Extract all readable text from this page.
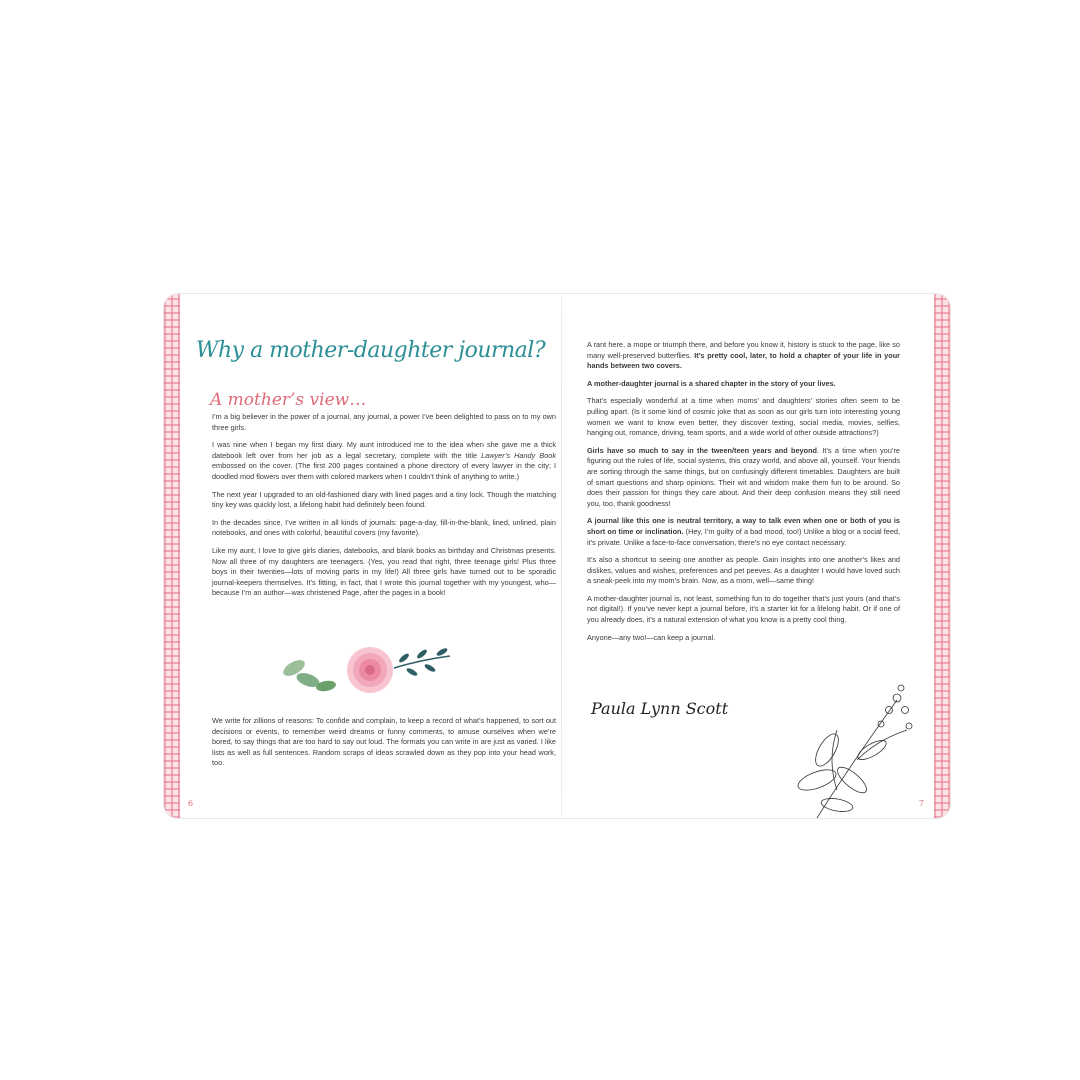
Why a mother-daughter journal?
A mother’s view…

I’m a big believer in the power of a journal, any journal, a power I’ve been delighted to pass on to my own three girls.

I was nine when I began my first diary. My aunt introduced me to the idea when she gave me a thick datebook left over from her job as a legal secretary, complete with the title Lawyer’s Handy Book embossed on the cover. (The first 200 pages contained a phone directory of every lawyer in the city; I doodled mod flowers over them with colored markers when I couldn’t think of anything to write.)

The next year I upgraded to an old-fashioned diary with lined pages and a tiny lock. Though the matching tiny key was quickly lost, a lifelong habit had definitely been found.

In the decades since, I’ve written in all kinds of journals: page-a-day, fill-in-the-blank, lined, unlined, plain notebooks, and ones with colorful, beautiful covers (my favorite).

Like my aunt, I love to give girls diaries, datebooks, and blank books as birthday and Christmas presents. Now all three of my daughters are teenagers. (Yes, you read that right, three teenage girls! Plus three boys in their twenties—lots of moving parts in my life!) All three girls have turned out to be sporadic journal-keepers themselves. It’s fitting, in fact, that I wrote this journal together with my youngest, who—because I’m an author—was christened Page, after the pages in a book!

We write for zillions of reasons: To confide and complain, to keep a record of what’s happened, to sort out decisions or events, to remember weird dreams or funny comments, to amuse ourselves when we’re bored, to say things that are too hard to say out loud. The formats you can write in are just as varied. I like lists as well as full sentences. Random scraps of ideas scrawled down as they pop into your head work, too.

6

A rant here, a mope or triumph there, and before you know it, history is stuck to the page, like so many well-preserved butterflies. It’s pretty cool, later, to hold a chapter of your life in your hands between two covers.

A mother-daughter journal is a shared chapter in the story of your lives.

That’s especially wonderful at a time when moms’ and daughters’ stories often seem to be pulling apart. (Is it some kind of cosmic joke that as soon as our girls turn into interesting young women we want to know even better, they discover texting, social media, movies, selfies, hanging out, romance, driving, team sports, and a wide world of other outside attractions?)

Girls have so much to say in the tween/teen years and beyond. It’s a time when you’re figuring out the rules of life, social systems, this crazy world, and above all, yourself. Your friends are sorting through the same things, but on confusingly different timetables. Daughters are built of smart questions and sharp opinions. Their wit and wisdom make them fun to be around. So does their passion for things they care about. And their deep confusion means they still need you, too, thank goodness!

A journal like this one is neutral territory, a way to talk even when one or both of you is short on time or inclination. (Hey, I’m guilty of a bad mood, too!) Unlike a blog or a social feed, it’s private. Unlike a face-to-face conversation, there’s no eye contact necessary.

It’s also a shortcut to seeing one another as people. Gain insights into one another’s likes and dislikes, values and wishes, preferences and pet peeves. As a daughter I would have loved such a sneak-peek into my mom’s brain. Now, as a mom, well—same thing!

A mother-daughter journal is, not least, something fun to do together that’s just yours (and that’s not digital!). If you’ve never kept a journal before, it’s a starter kit for a lifelong habit. Or if one of you already does, it’s a natural extension of what you know is a pretty cool thing.

Anyone—any two!—can keep a journal.

Paula Lynn Scott
7
